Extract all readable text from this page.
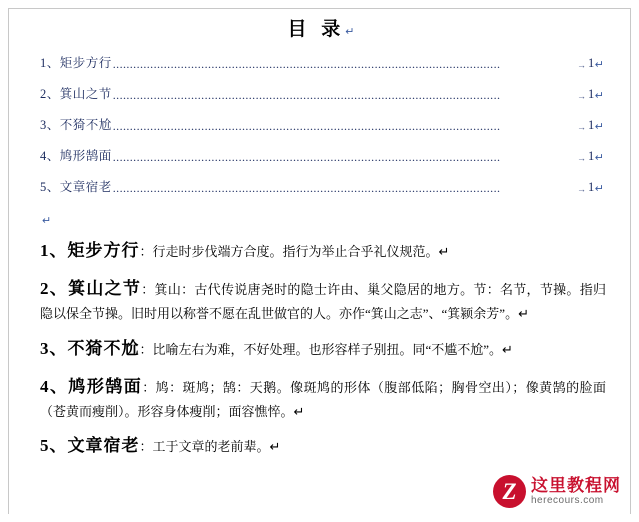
目 录↵
1、矩步方行 ..................................................................................................................	→ 1 ↵
2、箕山之节 ..................................................................................................................	→ 1 ↵
3、不猗不尬 ..................................................................................................................	→ 1 ↵
4、鸠形鹄面 ..................................................................................................................	→ 1 ↵
5、文章宿老 ..................................................................................................................	→ 1 ↵
↵

1、矩步方行：行走时步伐端方合度。指行为举止合乎礼仪规范。↵

2、箕山之节：箕山：古代传说唐尧时的隐士许由、巢父隐居的地方。节：名节，节操。指归隐以保全节操。旧时用以称誉不愿在乱世做官的人。亦作“箕山之志”、“箕颍余芳”。↵

3、不猗不尬：比喻左右为难，不好处理。也形容样子别扭。同“不尴不尬”。↵

4、鸠形鹄面：鸠：斑鸠；鹄：天鹅。像斑鸠的形体（腹部低陷；胸骨空出）；像黄鹄的脸面（苍黄而瘦削）。形容身体瘦削；面容憔悴。↵

5、文章宿老：工于文章的老前辈。↵

Z 这里教程网
herecours.com
